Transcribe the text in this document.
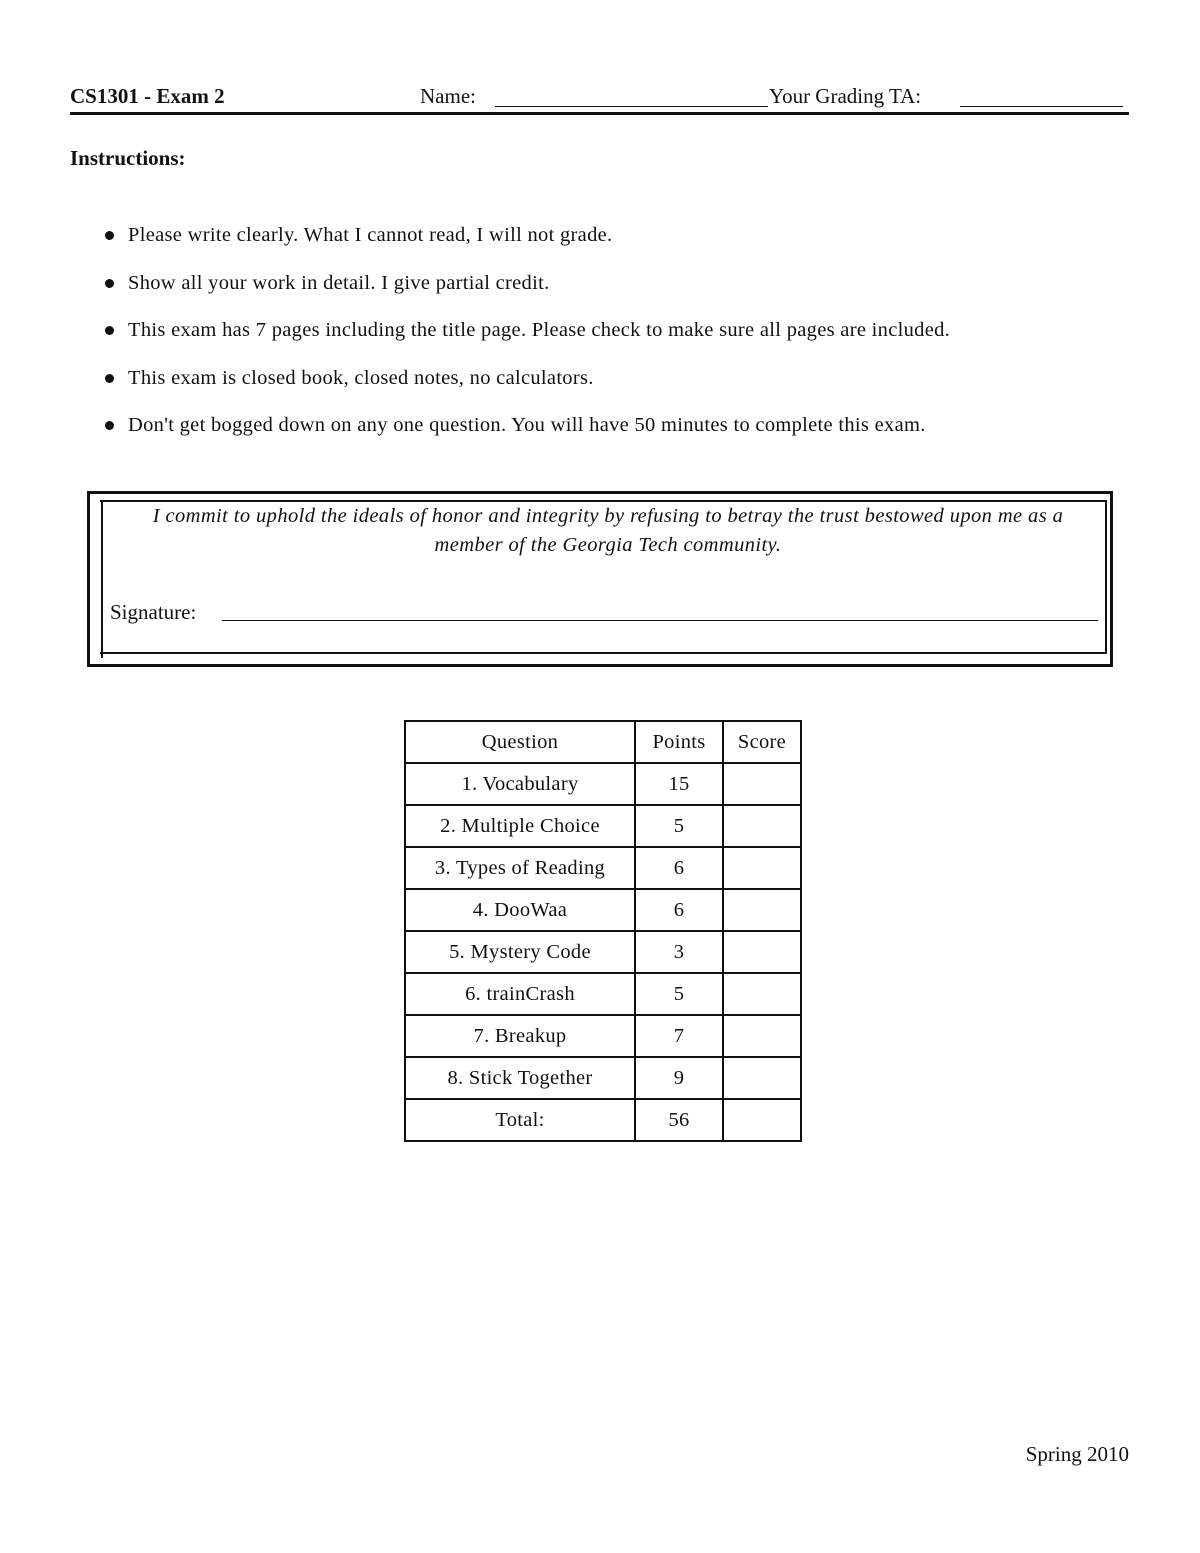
CS1301 - Exam 2	Name:	Your Grading TA:
Instructions:
Please write clearly. What I cannot read, I will not grade.
Show all your work in detail. I give partial credit.
This exam has 7 pages including the title page. Please check to make sure all pages are included.
This exam is closed book, closed notes, no calculators.
Don't get bogged down on any one question. You will have 50 minutes to complete this exam.
I commit to uphold the ideals of honor and integrity by refusing to betray the trust bestowed upon me as a member of the Georgia Tech community.
Signature:
Question	Points	Score
1. Vocabulary	15	
2. Multiple Choice	5	
3. Types of Reading	6	
4. DooWaa	6	
5. Mystery Code	3	
6. trainCrash	5	
7. Breakup	7	
8. Stick Together	9	
Total:	56	
Spring 2010
